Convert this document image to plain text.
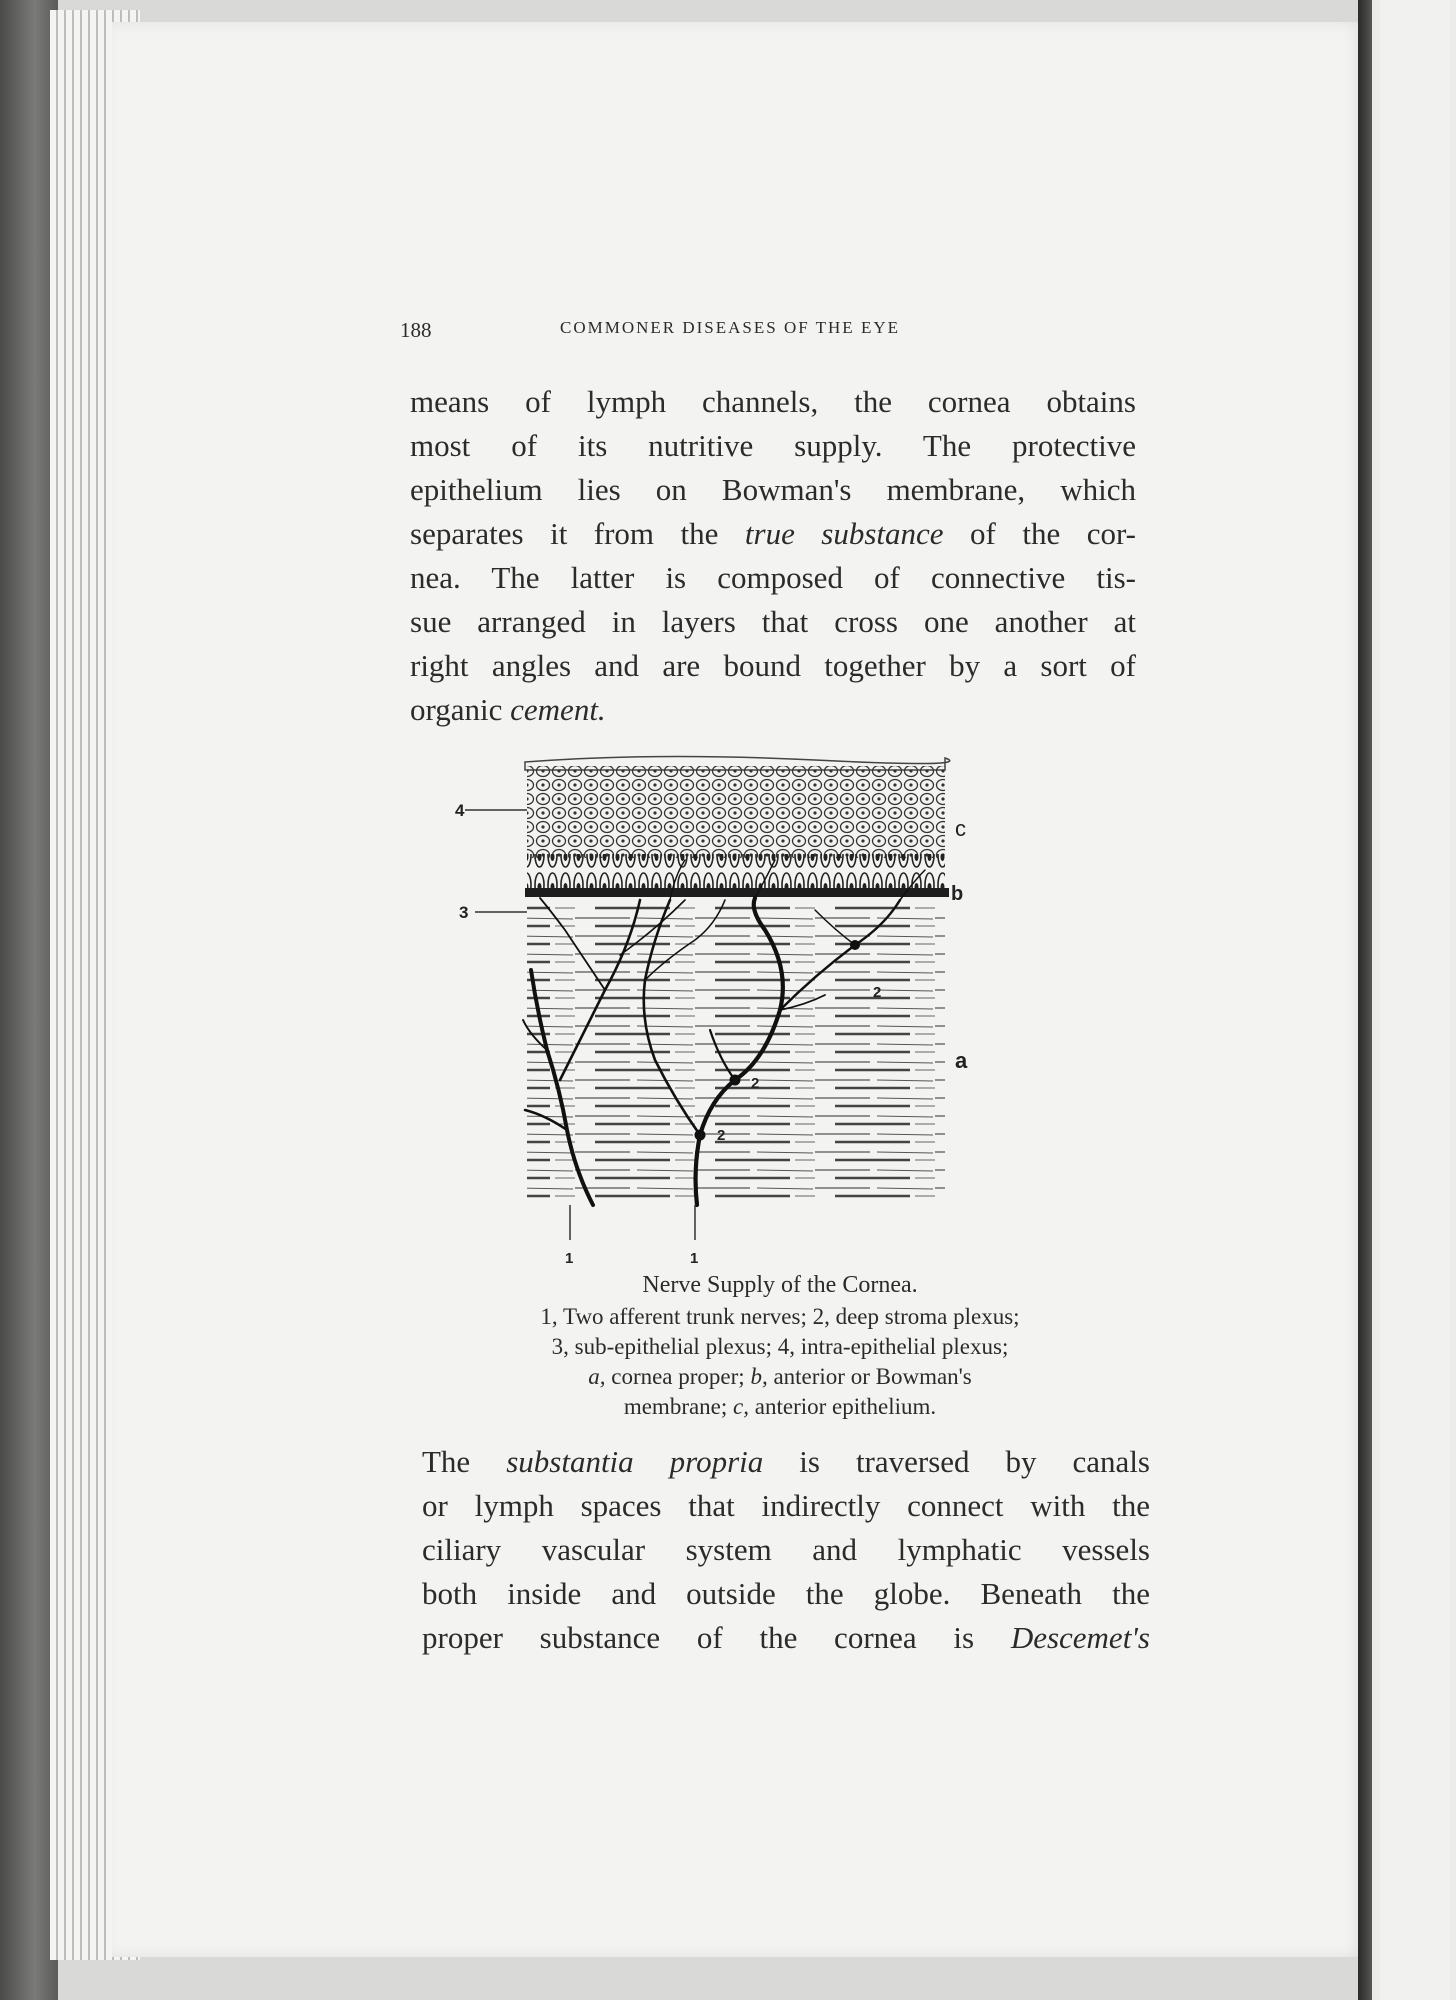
188	COMMONER DISEASES OF THE EYE
means of lymph channels, the cornea obtains
most of its nutritive supply. The protective
epithelium lies on Bowman's membrane, which
separates it from the true substance of the cor-
nea. The latter is composed of connective tis-
sue arranged in layers that cross one another at
right angles and are bound together by a sort of
organic cement.
4
3
c
b
a
2
2
2
1	1
Nerve Supply of the Cornea.
1, Two afferent trunk nerves; 2, deep stroma plexus;
3, sub-epithelial plexus; 4, intra-epithelial plexus;
a, cornea proper; b, anterior or Bowman's
membrane; c, anterior epithelium.
The substantia propria is traversed by canals
or lymph spaces that indirectly connect with the
ciliary vascular system and lymphatic vessels
both inside and outside the globe. Beneath the
proper substance of the cornea is Descemet's
